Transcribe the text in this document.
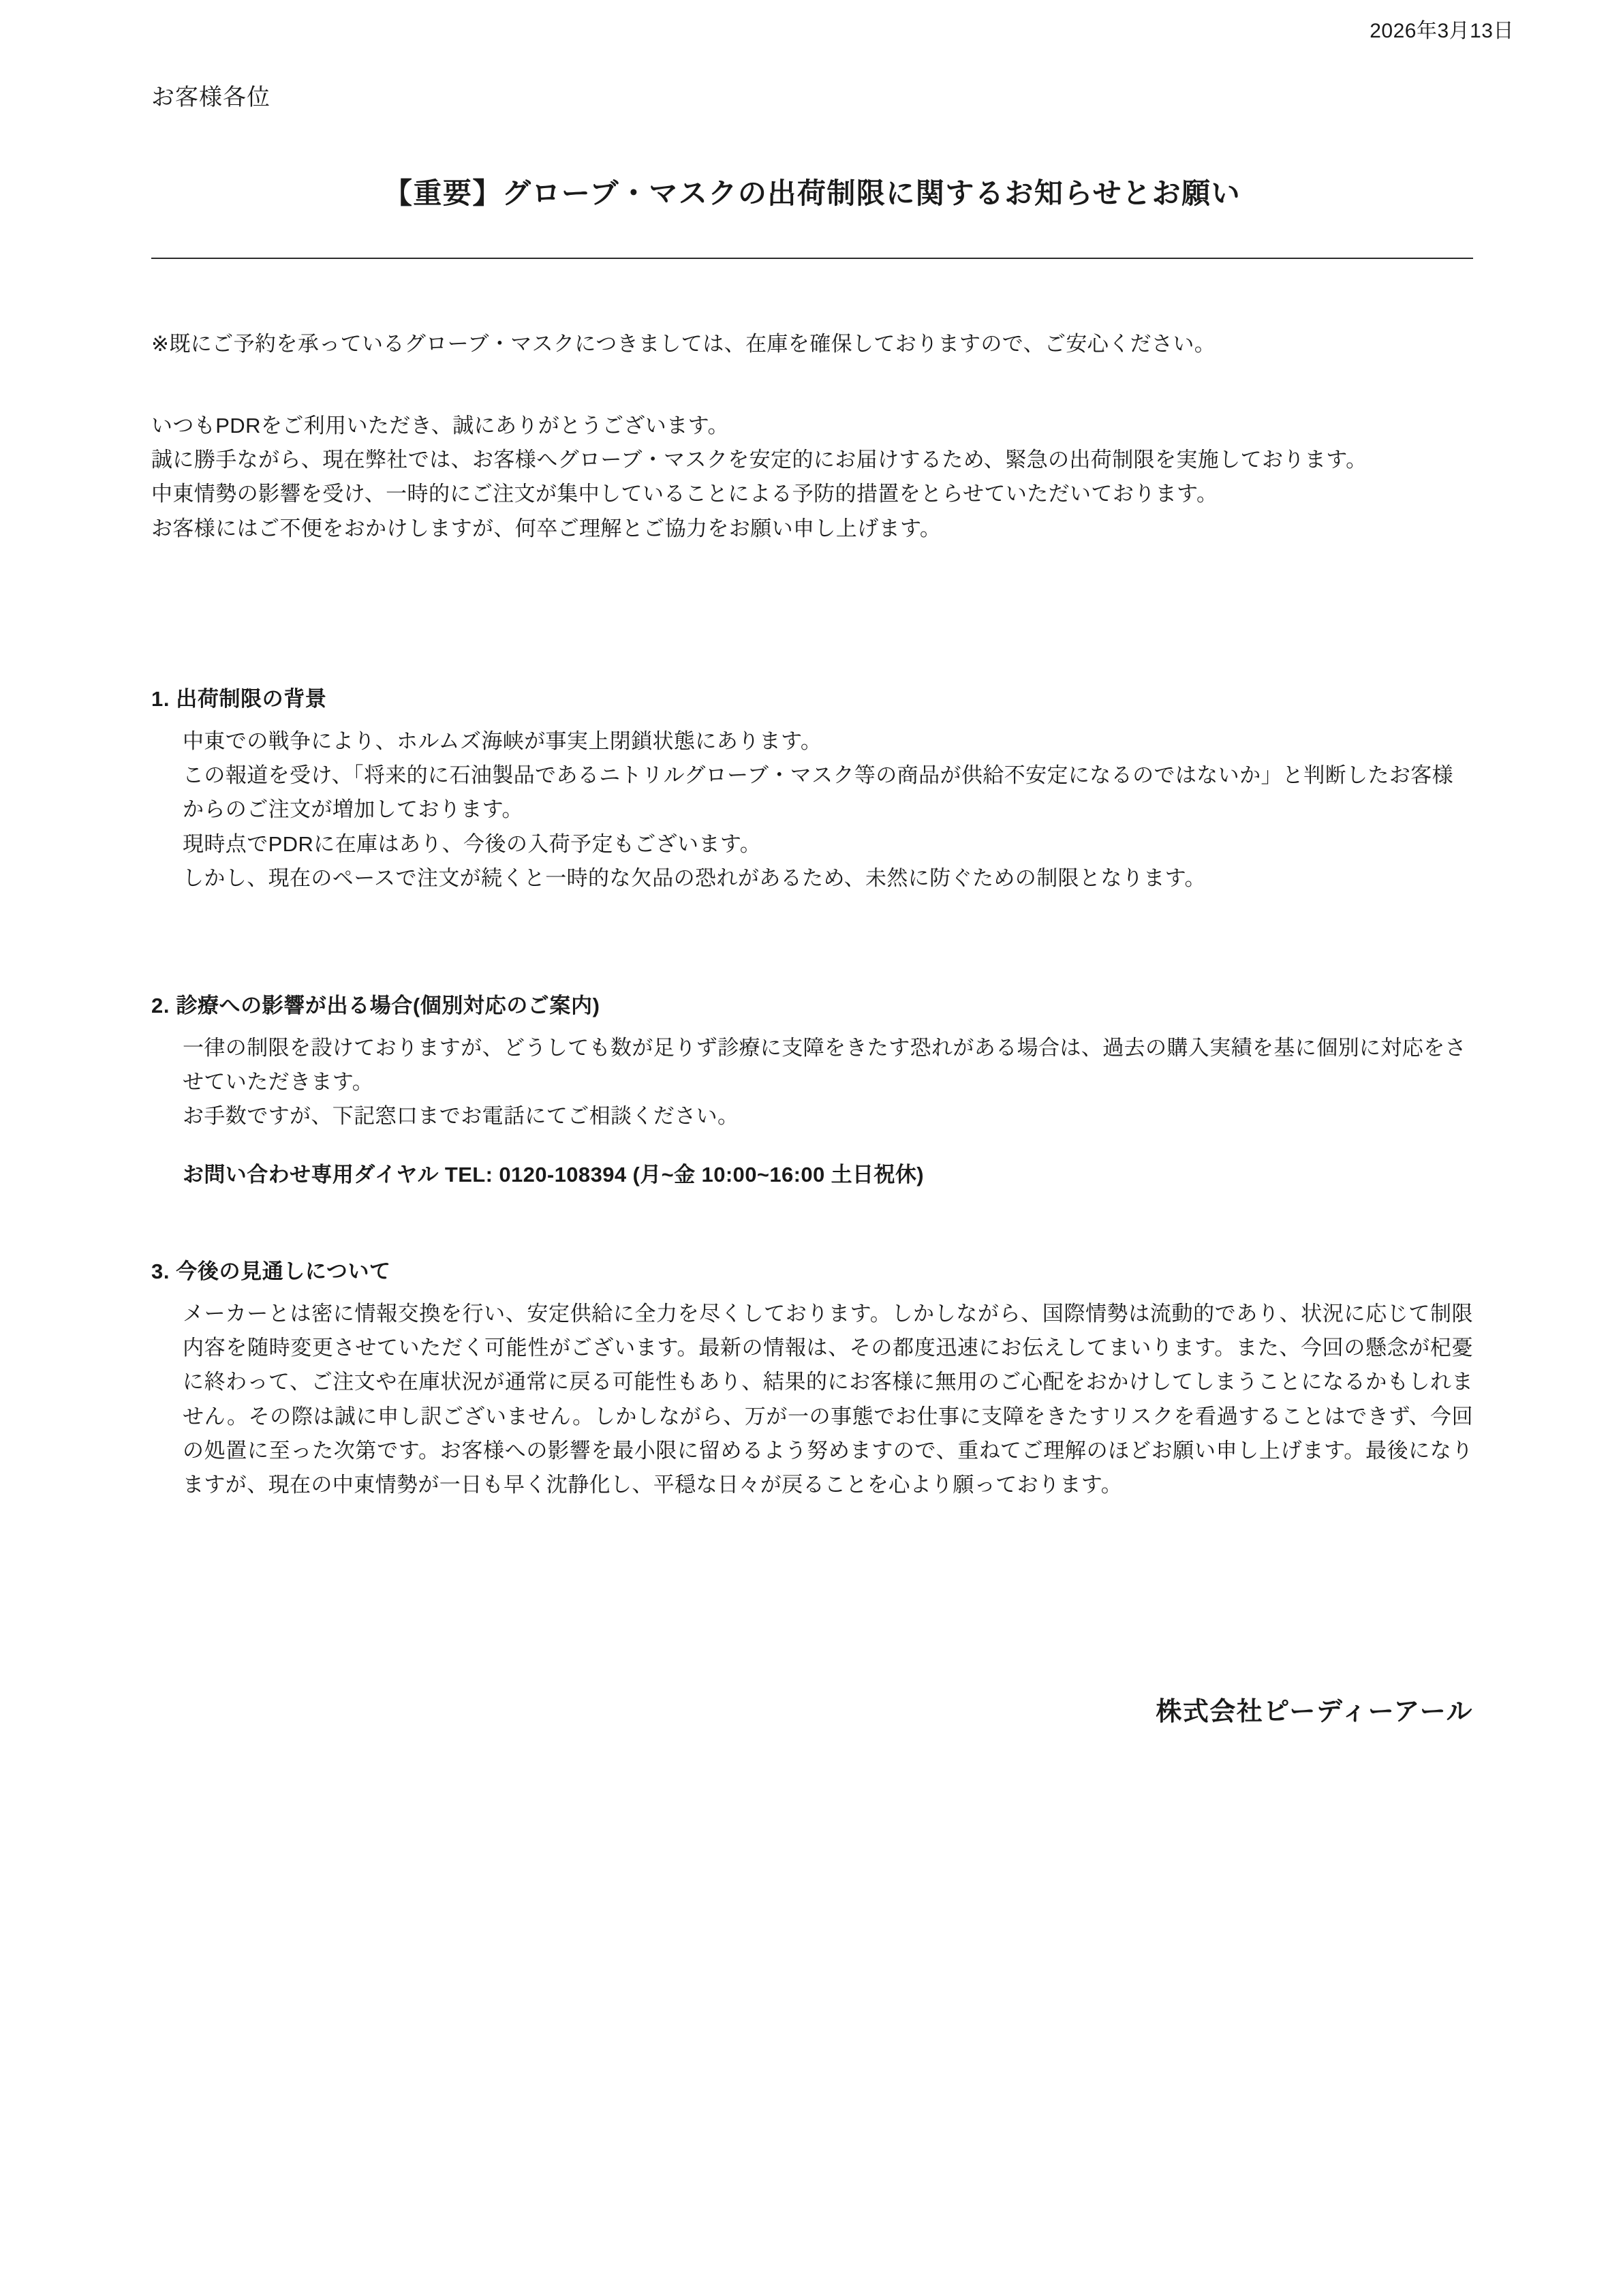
2026年3月13日
お客様各位
【重要】グローブ・マスクの出荷制限に関するお知らせとお願い
※既にご予約を承っているグローブ・マスクにつきましては、在庫を確保しておりますので、ご安心ください。

いつもPDRをご利用いただき、誠にありがとうございます。

誠に勝手ながら、現在弊社では、お客様へグローブ・マスクを安定的にお届けするため、緊急の出荷制限を実施しております。

中東情勢の影響を受け、一時的にご注文が集中していることによる予防的措置をとらせていただいております。

お客様にはご不便をおかけしますが、何卒ご理解とご協力をお願い申し上げます。

1. 出荷制限の背景

中東での戦争により、ホルムズ海峡が事実上閉鎖状態にあります。

この報道を受け、「将来的に石油製品であるニトリルグローブ・マスク等の商品が供給不安定になるのではないか」と判断したお客様からのご注文が増加しております。

現時点でPDRに在庫はあり、今後の入荷予定もございます。

しかし、現在のペースで注文が続くと一時的な欠品の恐れがあるため、未然に防ぐための制限となります。

2. 診療への影響が出る場合(個別対応のご案内)

一律の制限を設けておりますが、どうしても数が足りず診療に支障をきたす恐れがある場合は、過去の購入実績を基に個別に対応をさせていただきます。

お手数ですが、下記窓口までお電話にてご相談ください。

お問い合わせ専用ダイヤル TEL: 0120-108394 (月~金 10:00~16:00 土日祝休)
3. 今後の見通しについて

メーカーとは密に情報交換を行い、安定供給に全力を尽くしております。しかしながら、国際情勢は流動的であり、状況に応じて制限内容を随時変更させていただく可能性がございます。最新の情報は、その都度迅速にお伝えしてまいります。また、今回の懸念が杞憂に終わって、ご注文や在庫状況が通常に戻る可能性もあり、結果的にお客様に無用のご心配をおかけしてしまうことになるかもしれません。その際は誠に申し訳ございません。しかしながら、万が一の事態でお仕事に支障をきたすリスクを看過することはできず、今回の処置に至った次第です。お客様への影響を最小限に留めるよう努めますので、重ねてご理解のほどお願い申し上げます。最後になりますが、現在の中東情勢が一日も早く沈静化し、平穏な日々が戻ることを心より願っております。

株式会社ピーディーアール
